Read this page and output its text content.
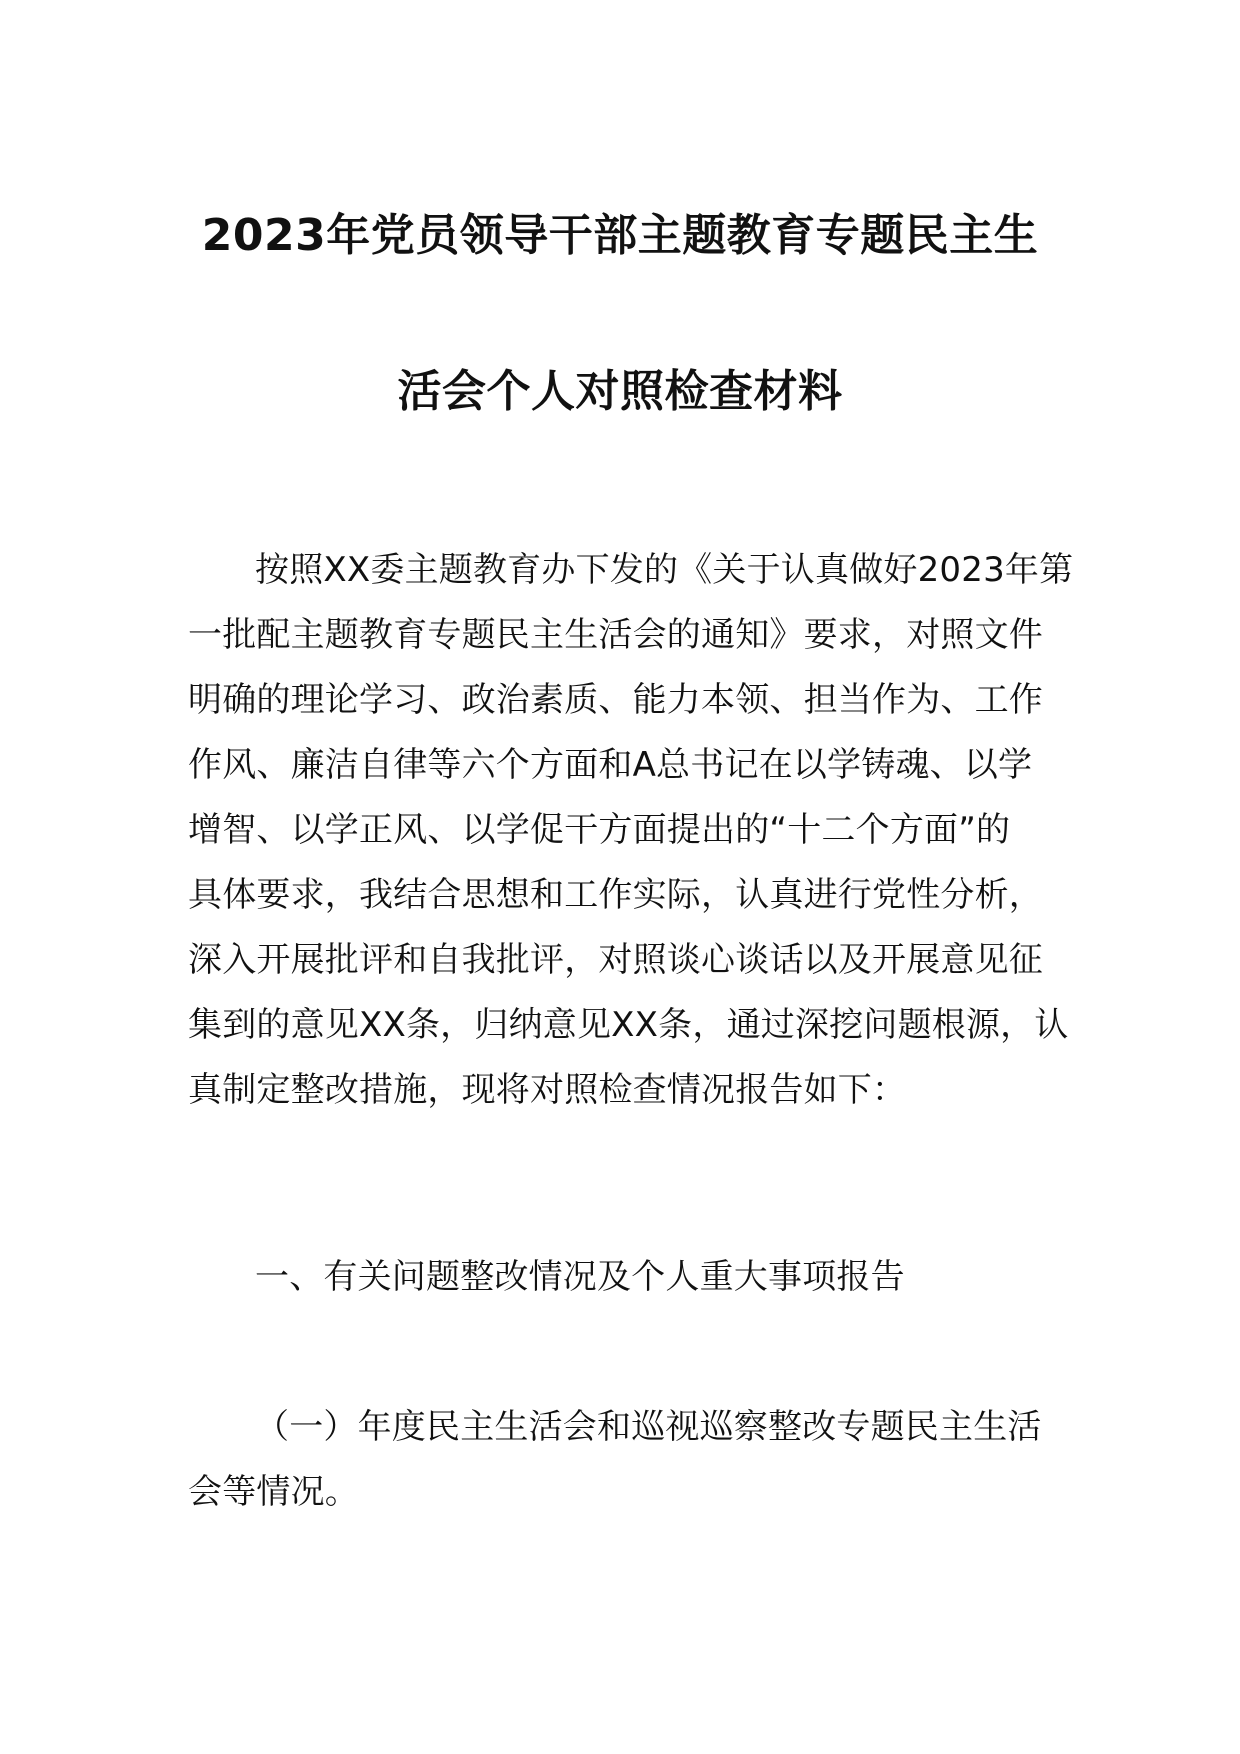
2023年党员领导干部主题教育专题民主生
活会个人对照检查材料
按照XX委主题教育办下发的《关于认真做好2023年第
一批配主题教育专题民主生活会的通知》要求，对照文件
明确的理论学习、政治素质、能力本领、担当作为、工作
作风、廉洁自律等六个方面和A总书记在以学铸魂、以学
增智、以学正风、以学促干方面提出的“十二个方面”的
具体要求，我结合思想和工作实际，认真进行党性分析，
深入开展批评和自我批评，对照谈心谈话以及开展意见征
集到的意见XX条，归纳意见XX条，通过深挖问题根源，认
真制定整改措施，现将对照检查情况报告如下：
一、有关问题整改情况及个人重大事项报告
（一）年度民主生活会和巡视巡察整改专题民主生活
会等情况。
